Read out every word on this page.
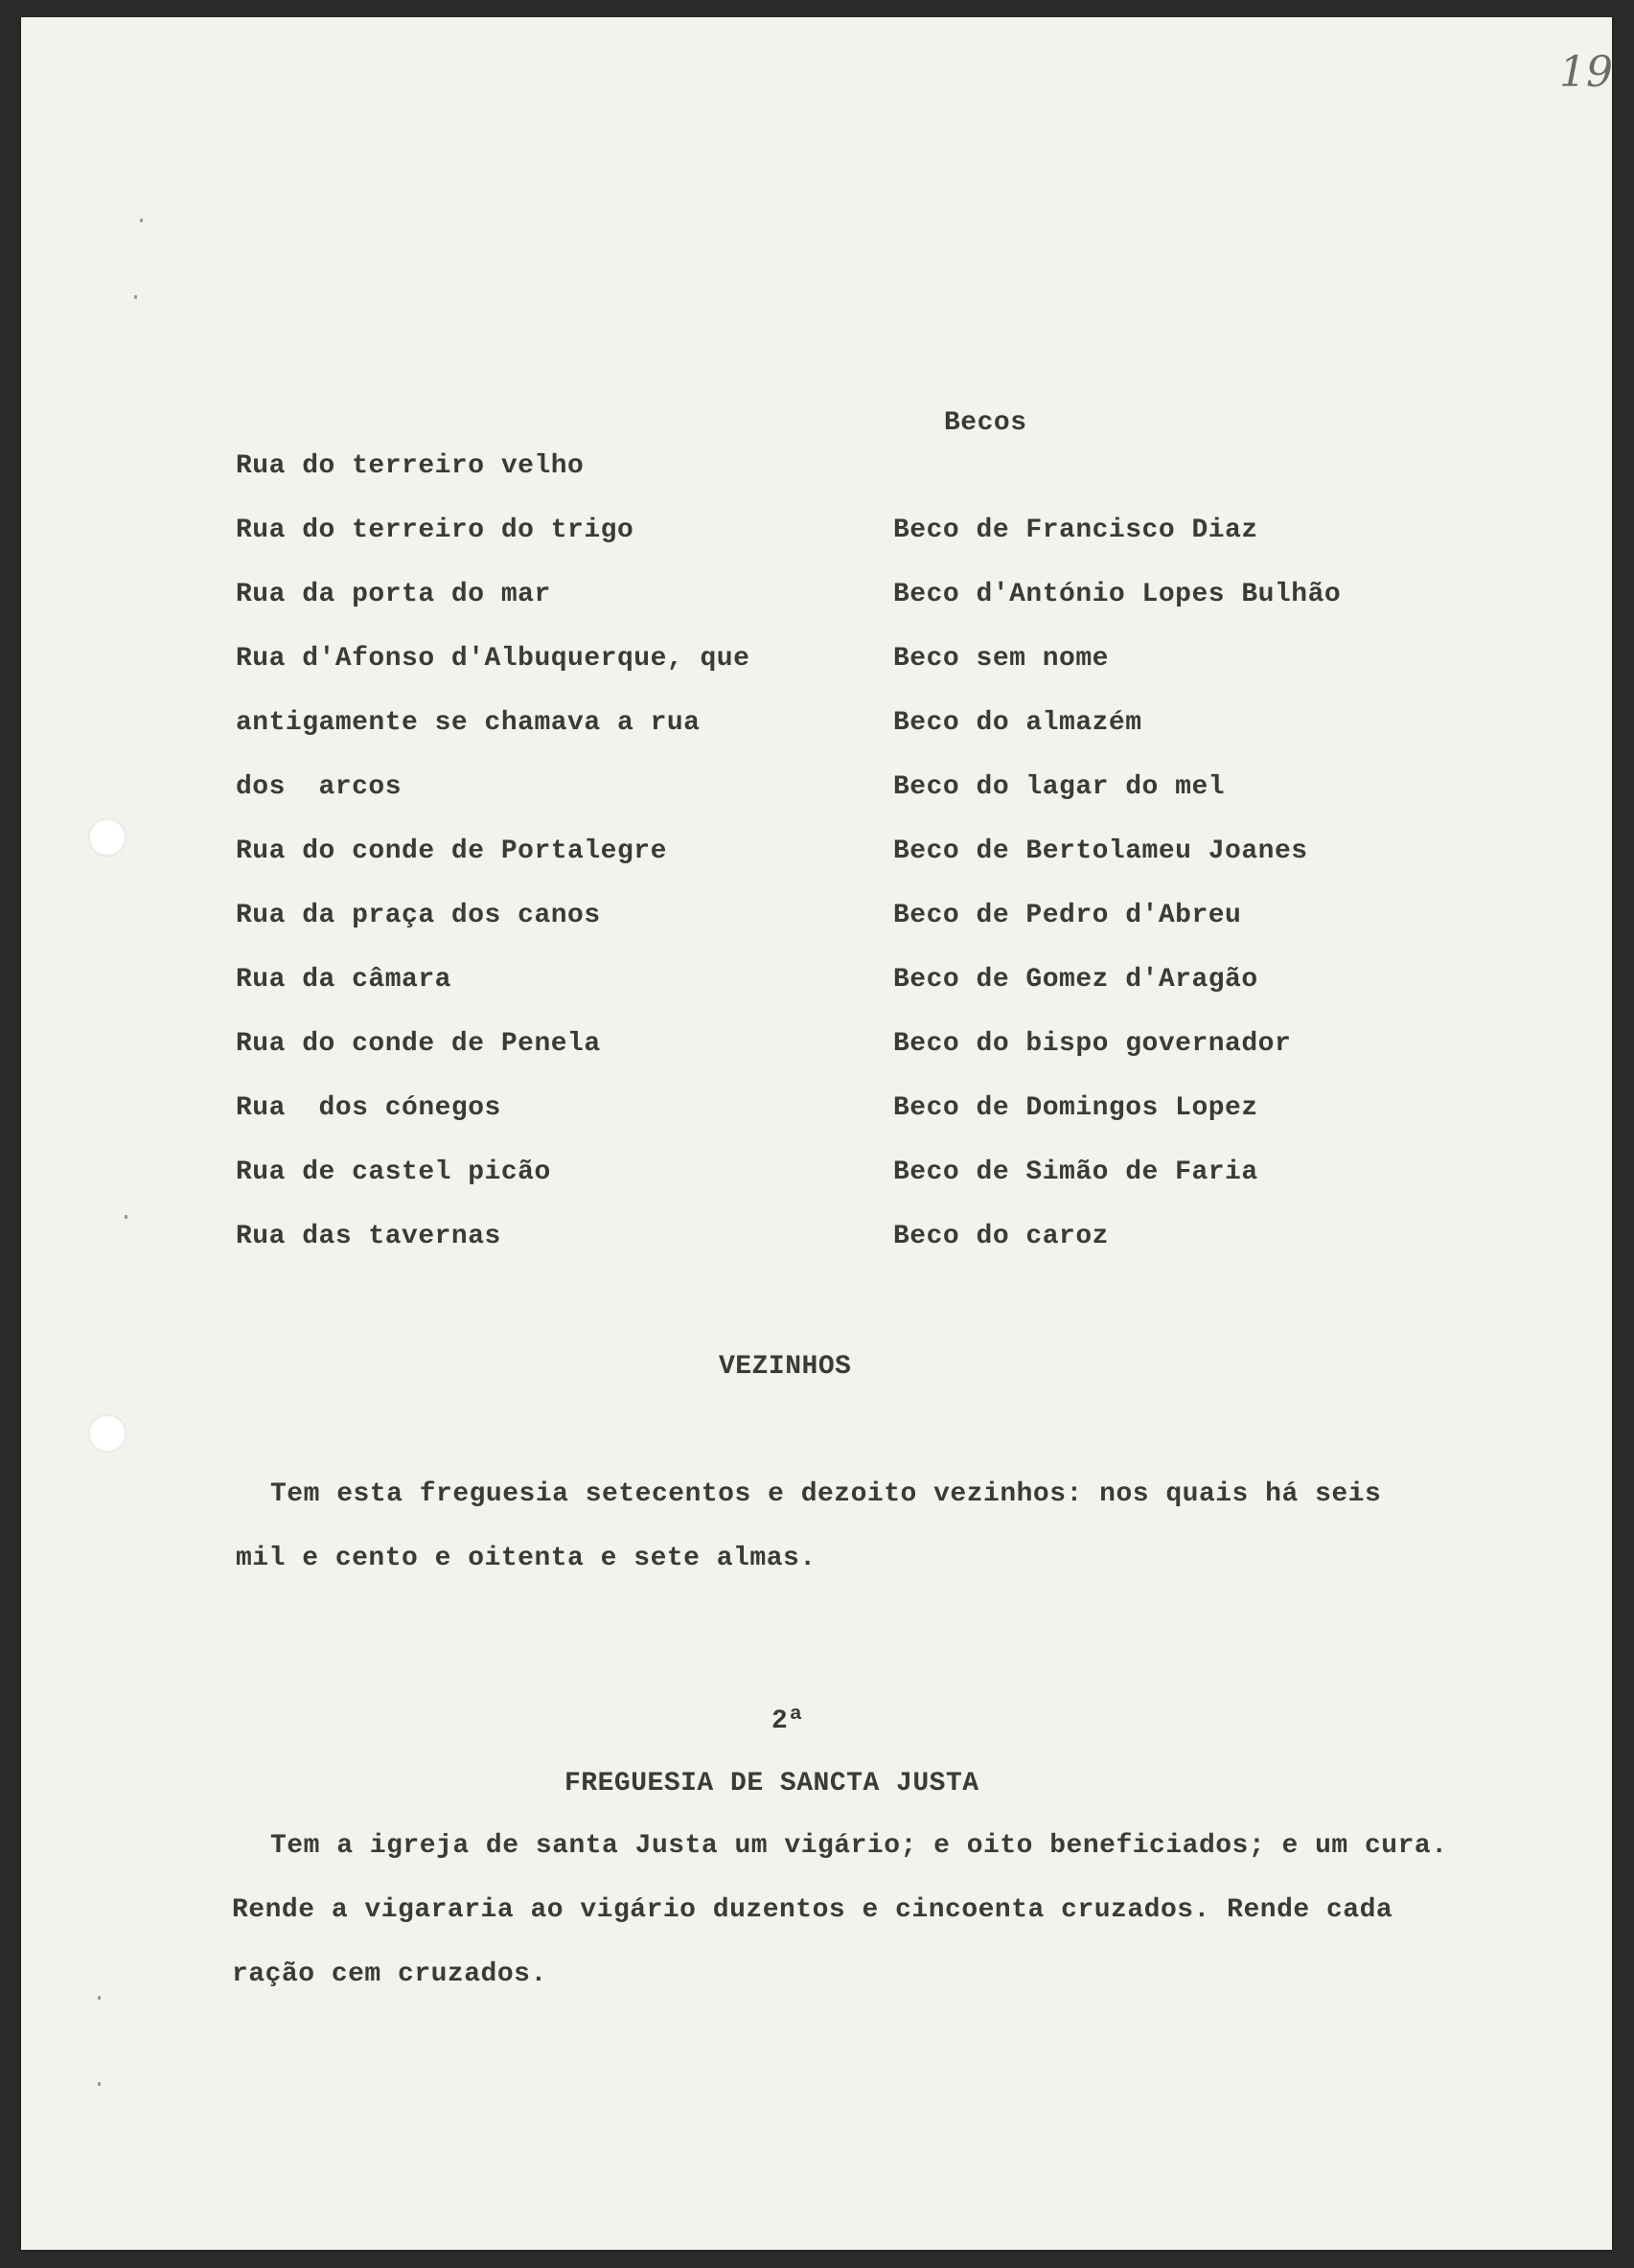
19
Becos
Rua do terreiro velho
Rua do terreiro do trigo
Rua da porta do mar
Rua d'Afonso d'Albuquerque, que
antigamente se chamava a rua
dos  arcos
Rua do conde de Portalegre
Rua da praça dos canos
Rua da câmara
Rua do conde de Penela
Rua  dos cónegos
Rua de castel picão
Rua das tavernas
Beco de Francisco Diaz
Beco d'António Lopes Bulhão
Beco sem nome
Beco do almazém
Beco do lagar do mel
Beco de Bertolameu Joanes
Beco de Pedro d'Abreu
Beco de Gomez d'Aragão
Beco do bispo governador
Beco de Domingos Lopez
Beco de Simão de Faria
Beco do caroz
VEZINHOS
Tem esta freguesia setecentos e dezoito vezinhos: nos quais há seis
mil e cento e oitenta e sete almas.
2ª
FREGUESIA DE SANCTA JUSTA
Tem a igreja de santa Justa um vigário; e oito beneficiados; e um cura.
Rende a vigararia ao vigário duzentos e cincoenta cruzados. Rende cada
ração cem cruzados.
